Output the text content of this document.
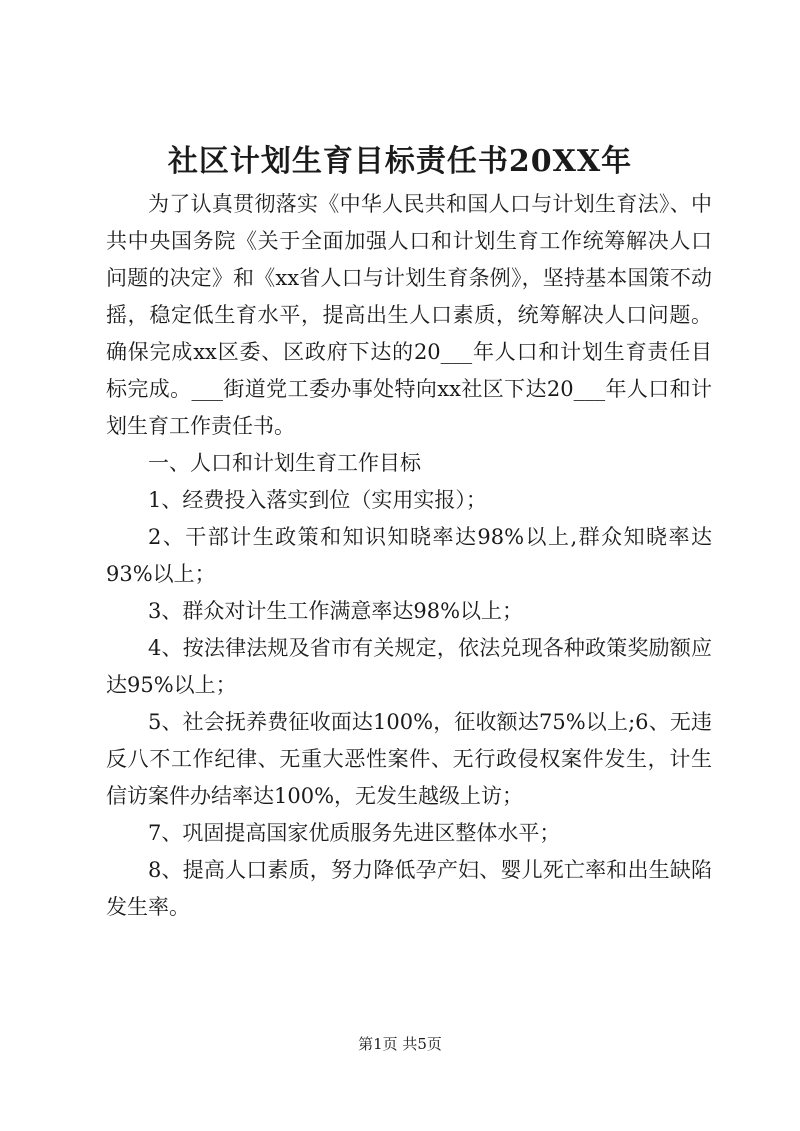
社区计划生育目标责任书20XX年

为了认真贯彻落实《中华人民共和国人口与计划生育法》、中共中央国务院《关于全面加强人口和计划生育工作统筹解决人口问题的决定》和《xx省人口与计划生育条例》，坚持基本国策不动摇，稳定低生育水平，提高出生人口素质，统筹解决人口问题。确保完成xx区委、区政府下达的20___年人口和计划生育责任目标完成。___街道党工委办事处特向xx社区下达20___年人口和计划生育工作责任书。

一、人口和计划生育工作目标

1、经费投入落实到位（实用实报）；

2、干部计生政策和知识知晓率达98%以上,群众知晓率达93%以上；

3、群众对计生工作满意率达98%以上；

4、按法律法规及省市有关规定，依法兑现各种政策奖励额应达95%以上；

5、社会抚养费征收面达100%，征收额达75%以上;6、无违反八不工作纪律、无重大恶性案件、无行政侵权案件发生，计生信访案件办结率达100%，无发生越级上访；

7、巩固提高国家优质服务先进区整体水平；

8、提高人口素质，努力降低孕产妇、婴儿死亡率和出生缺陷发生率。

第1页 共5页
